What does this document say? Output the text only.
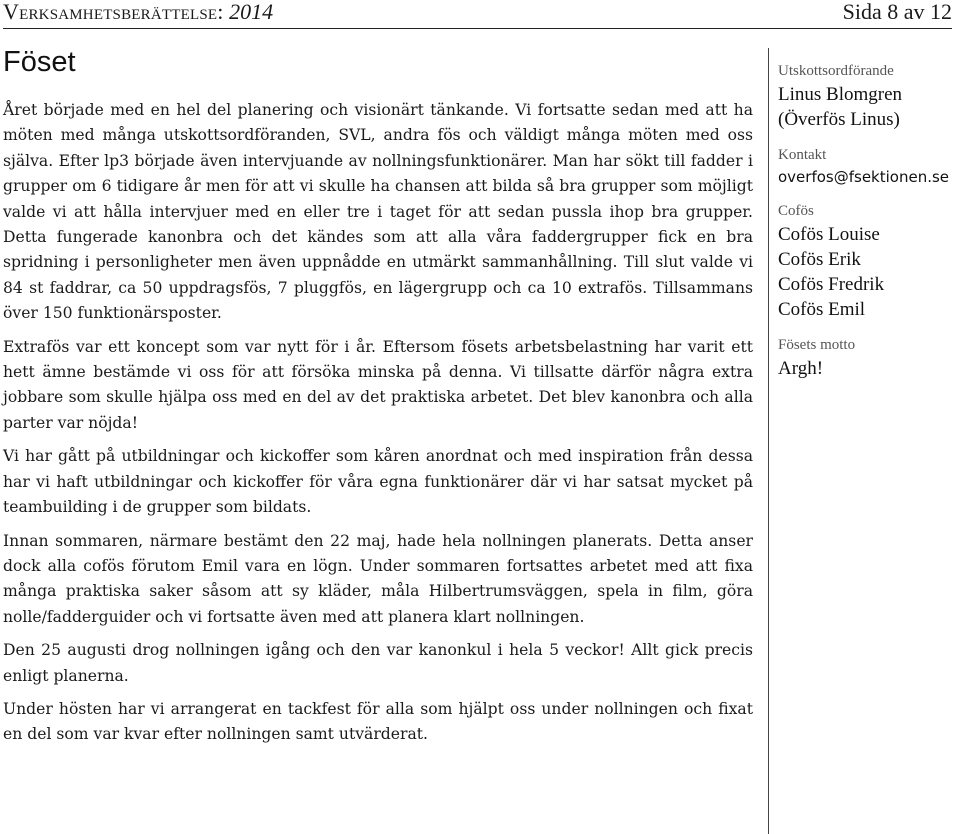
Verksamhetsberättelse: 2014	Sida 8 av 12
Föset

Året började med en hel del planering och visionärt tänkande. Vi fortsatte sedan med att ha möten med många utskottsordföranden, SVL, andra fös och väldigt många möten med oss själva. Efter lp3 började även intervjuande av nollningsfunktionärer. Man har sökt till fadder i grupper om 6 tidigare år men för att vi skulle ha chansen att bilda så bra grupper som möjligt valde vi att hålla intervjuer med en eller tre i taget för att sedan pussla ihop bra grupper. Detta fungerade kanonbra och det kändes som att alla våra faddergrupper fick en bra spridning i personligheter men även uppnådde en utmärkt sammanhållning. Till slut valde vi 84 st faddrar, ca 50 uppdragsfös, 7 pluggfös, en lägergrupp och ca 10 extrafös. Tillsammans över 150 funktionärsposter.

Extrafös var ett koncept som var nytt för i år. Eftersom fösets arbetsbelastning har varit ett hett ämne bestämde vi oss för att försöka minska på denna. Vi tillsatte därför några extra jobbare som skulle hjälpa oss med en del av det praktiska arbetet. Det blev kanonbra och alla parter var nöjda!

Vi har gått på utbildningar och kickoffer som kåren anordnat och med inspiration från dessa har vi haft utbildningar och kickoffer för våra egna funktionärer där vi har satsat mycket på teambuilding i de grupper som bildats.

Innan sommaren, närmare bestämt den 22 maj, hade hela nollningen planerats. Detta anser dock alla cofös förutom Emil vara en lögn. Under sommaren fortsattes arbetet med att fixa många praktiska saker såsom att sy kläder, måla Hilbertrumsväggen, spela in film, göra nolle/fadderguider och vi fortsatte även med att planera klart nollningen.

Den 25 augusti drog nollningen igång och den var kanonkul i hela 5 veckor! Allt gick precis enligt planerna.

Under hösten har vi arrangerat en tackfest för alla som hjälpt oss under nollningen och fixat en del som var kvar efter nollningen samt utvärderat.

Utskottsordförande

Linus Blomgren

(Överfös Linus)

Kontakt

overfos@fsektionen.se

Cofös

Cofös Louise

Cofös Erik

Cofös Fredrik

Cofös Emil

Fösets motto

Argh!
